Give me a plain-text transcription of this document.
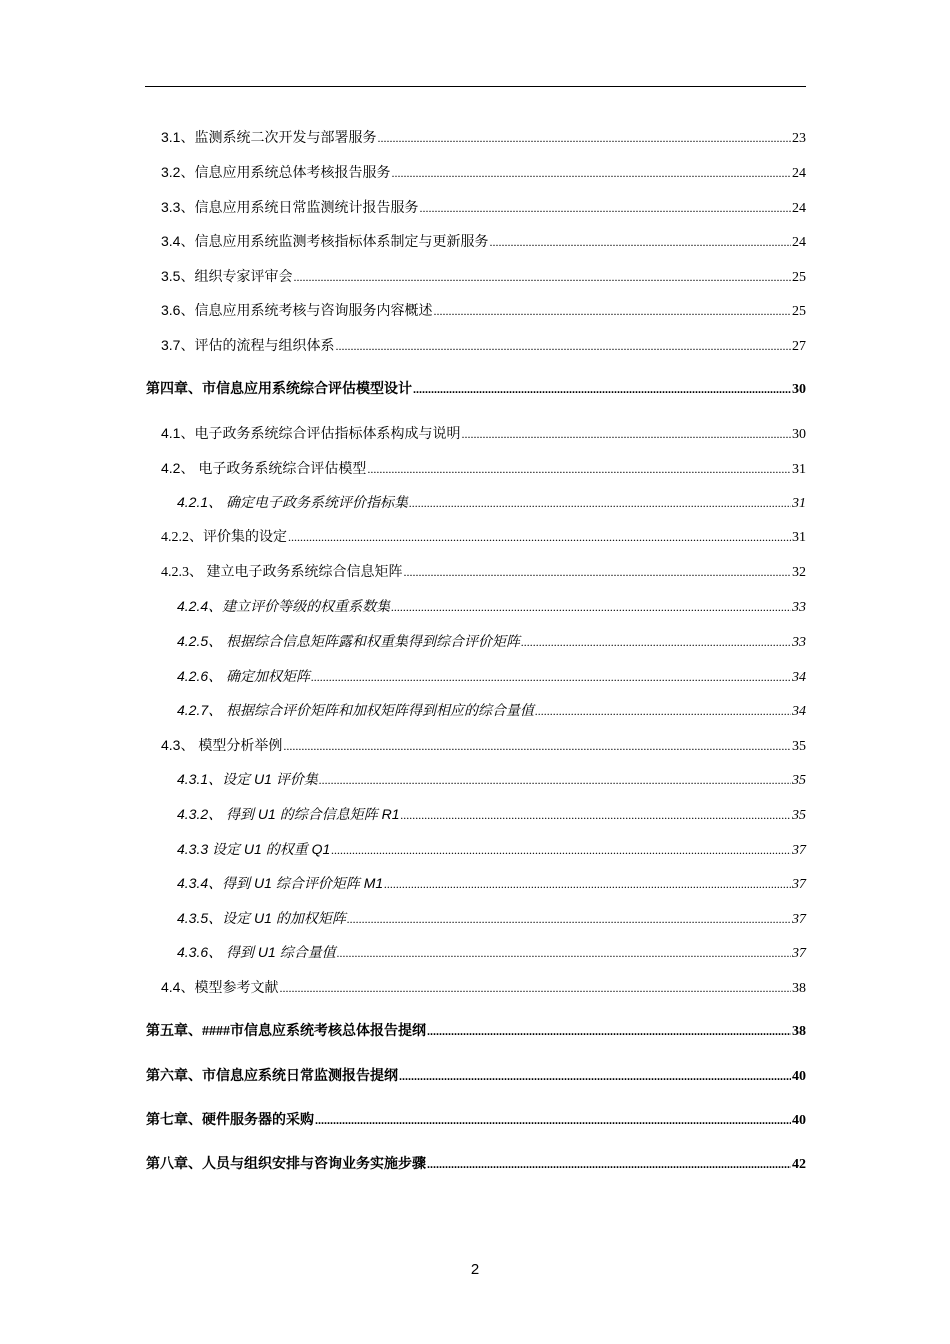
3.1、监测系统二次开发与部署服务 .....	23
3.2、信息应用系统总体考核报告服务 .....	24
3.3、信息应用系统日常监测统计报告服务 .....	24
3.4、信息应用系统监测考核指标体系制定与更新服务 .....	24
3.5、组织专家评审会 .....	25
3.6、信息应用系统考核与咨询服务内容概述 .....	25
3.7、评估的流程与组织体系 .....	27
第四章、市信息应用系统综合评估模型设计 .....	30
4.1、电子政务系统综合评估指标体系构成与说明 .....	30
4.2、 电子政务系统综合评估模型 .....	31
4.2.1、 确定电子政务系统评价指标集 .....	31
4.2.2、评价集的设定 .....	31
4.2.3、 建立电子政务系统综合信息矩阵 .....	32
4.2.4、建立评价等级的权重系数集 .....	33
4.2.5、 根据综合信息矩阵露和权重集得到综合评价矩阵 .....	33
4.2.6、 确定加权矩阵 .....	34
4.2.7、 根据综合评价矩阵和加权矩阵得到相应的综合量值 .....	34
4.3、 模型分析举例 .....	35
4.3.1、设定 U1 评价集 .....	35
4.3.2、 得到 U1 的综合信息矩阵 R1 .....	35
4.3.3 设定 U1 的权重 Q1 .....	37
4.3.4、得到 U1 综合评价矩阵 M1 .....	37
4.3.5、设定 U1 的加权矩阵 .....	37
4.3.6、 得到 U1 综合量值 .....	37
4.4、模型参考文献 .....	38
第五章、####市信息应系统考核总体报告提纲 .....	38
第六章、市信息应系统日常监测报告提纲 .....	40
第七章、硬件服务器的采购 .....	40
第八章、人员与组织安排与咨询业务实施步骤 .....	42
2
